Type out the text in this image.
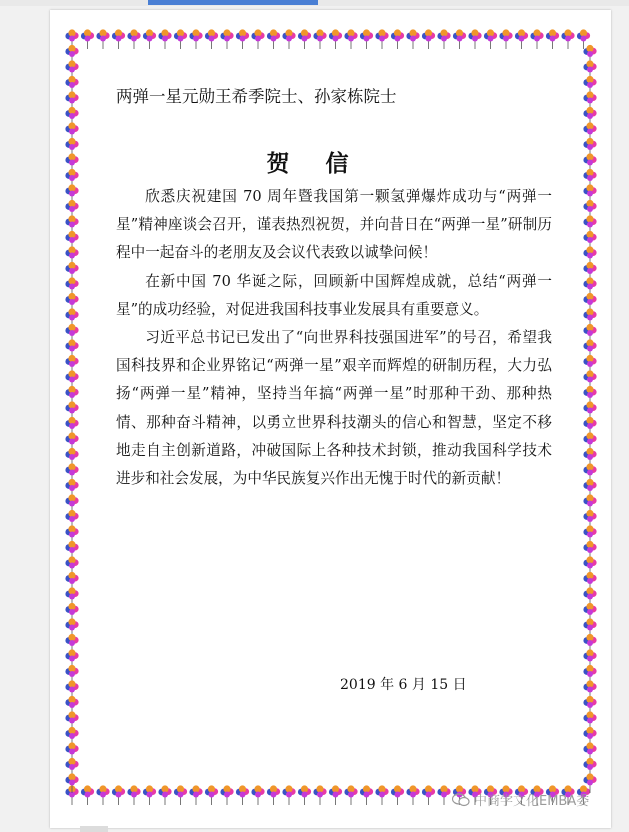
两弹一星元勋王希季院士、孙家栋院士
贺 信

欣悉庆祝建国 70 周年暨我国第一颗氢弹爆炸成功与“两弹一星”精神座谈会召开，谨表热烈祝贺，并向昔日在“两弹一星”研制历程中一起奋斗的老朋友及会议代表致以诚挚问候！

在新中国 70 华诞之际，回顾新中国辉煌成就，总结“两弹一星”的成功经验，对促进我国科技事业发展具有重要意义。

习近平总书记已发出了“向世界科技强国进军”的号召，希望我国科技界和企业界铭记“两弹一星”艰辛而辉煌的研制历程，大力弘扬“两弹一星”精神，坚持当年搞“两弹一星”时那种干劲、那种热情、那种奋斗精神，以勇立世界科技潮头的信心和智慧，坚定不移地走自主创新道路，冲破国际上各种技术封锁，推动我国科学技术进步和社会发展，为中华民族复兴作出无愧于时代的新贡献！

2019 年 6 月 15 日
中商学文化EMBA委
